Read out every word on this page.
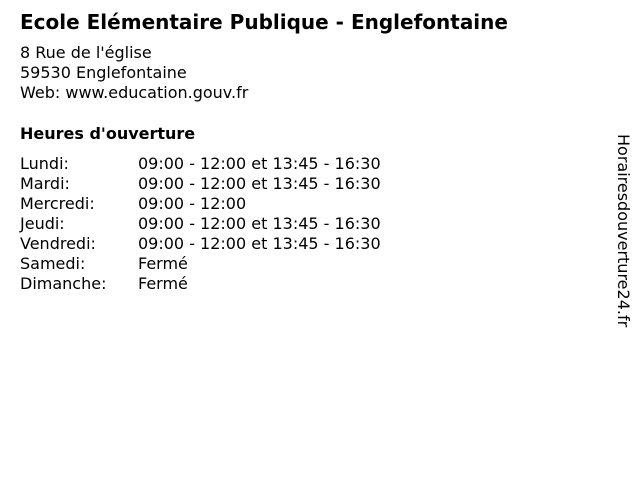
Ecole Elémentaire Publique - Englefontaine
8 Rue de l'église
59530 Englefontaine
Web: www.education.gouv.fr
Heures d'ouverture
Lundi:	09:00 - 12:00 et 13:45 - 16:30
Mardi:	09:00 - 12:00 et 13:45 - 16:30
Mercredi:	09:00 - 12:00
Jeudi:	09:00 - 12:00 et 13:45 - 16:30
Vendredi:	09:00 - 12:00 et 13:45 - 16:30
Samedi:	Fermé
Dimanche:	Fermé	Horairesdouverture24.fr
